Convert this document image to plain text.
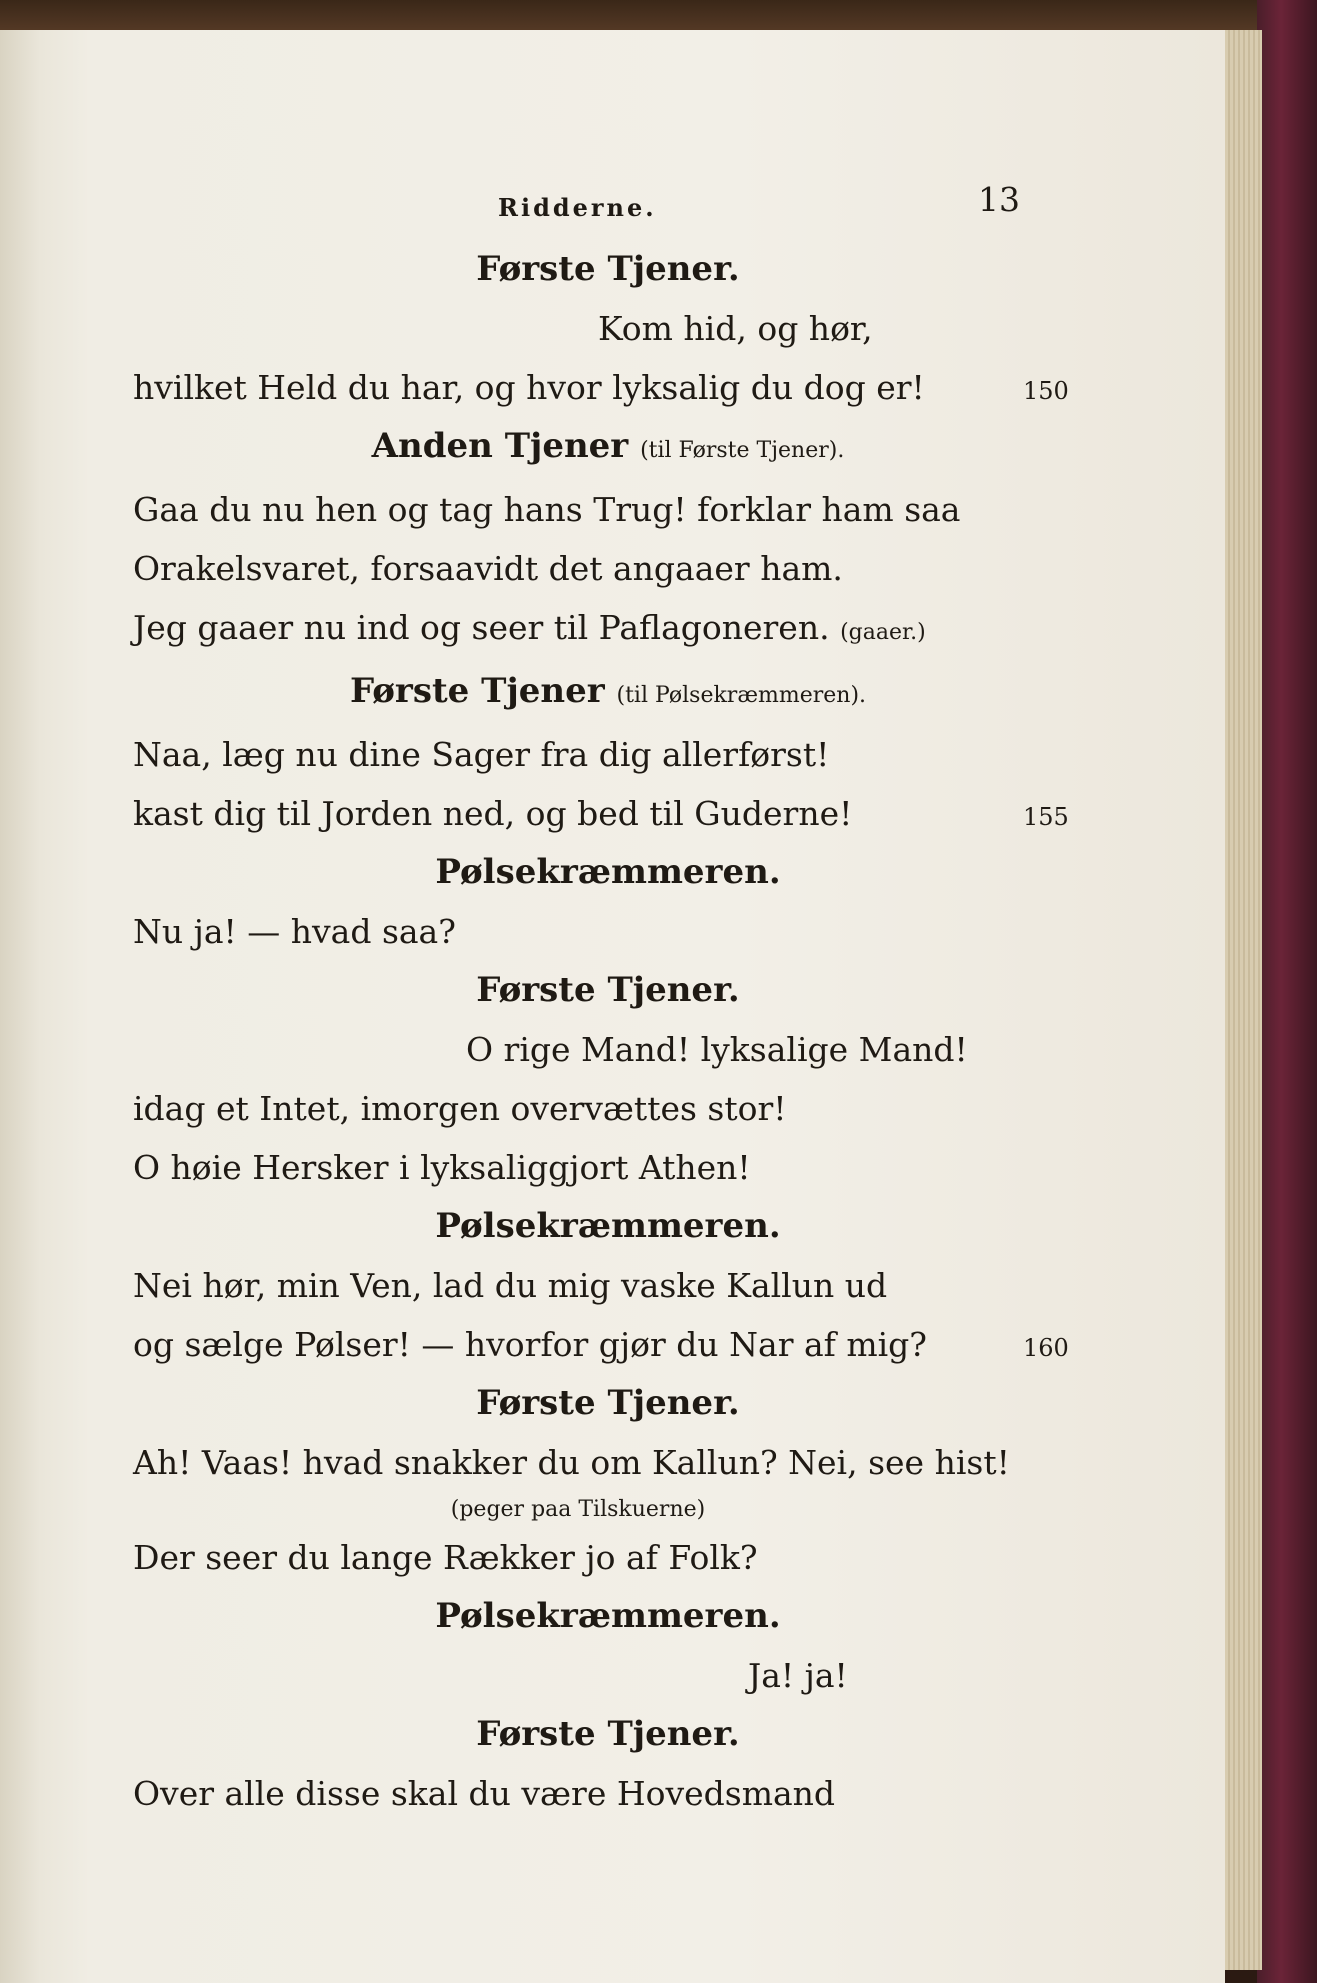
Ridderne.	13
Første Tjener.
Kom hid, og hør,
hvilket Held du har, og hvor lyksalig du dog er!	150
Anden Tjener (til Første Tjener).
Gaa du nu hen og tag hans Trug! forklar ham saa
Orakelsvaret, forsaavidt det angaaer ham.
Jeg gaaer nu ind og seer til Paflagoneren. (gaaer.)
Første Tjener (til Pølsekræmmeren).
Naa, læg nu dine Sager fra dig allerførst!
kast dig til Jorden ned, og bed til Guderne!	155
Pølsekræmmeren.
Nu ja! — hvad saa?
Første Tjener.
O rige Mand! lyksalige Mand!
idag et Intet, imorgen overvættes stor!
O høie Hersker i lyksaliggjort Athen!
Pølsekræmmeren.
Nei hør, min Ven, lad du mig vaske Kallun ud
og sælge Pølser! — hvorfor gjør du Nar af mig?	160
Første Tjener.
Ah! Vaas! hvad snakker du om Kallun? Nei, see hist!
(peger paa Tilskuerne)
Der seer du lange Rækker jo af Folk?
Pølsekræmmeren.
Ja! ja!
Første Tjener.
Over alle disse skal du være Hovedsmand
